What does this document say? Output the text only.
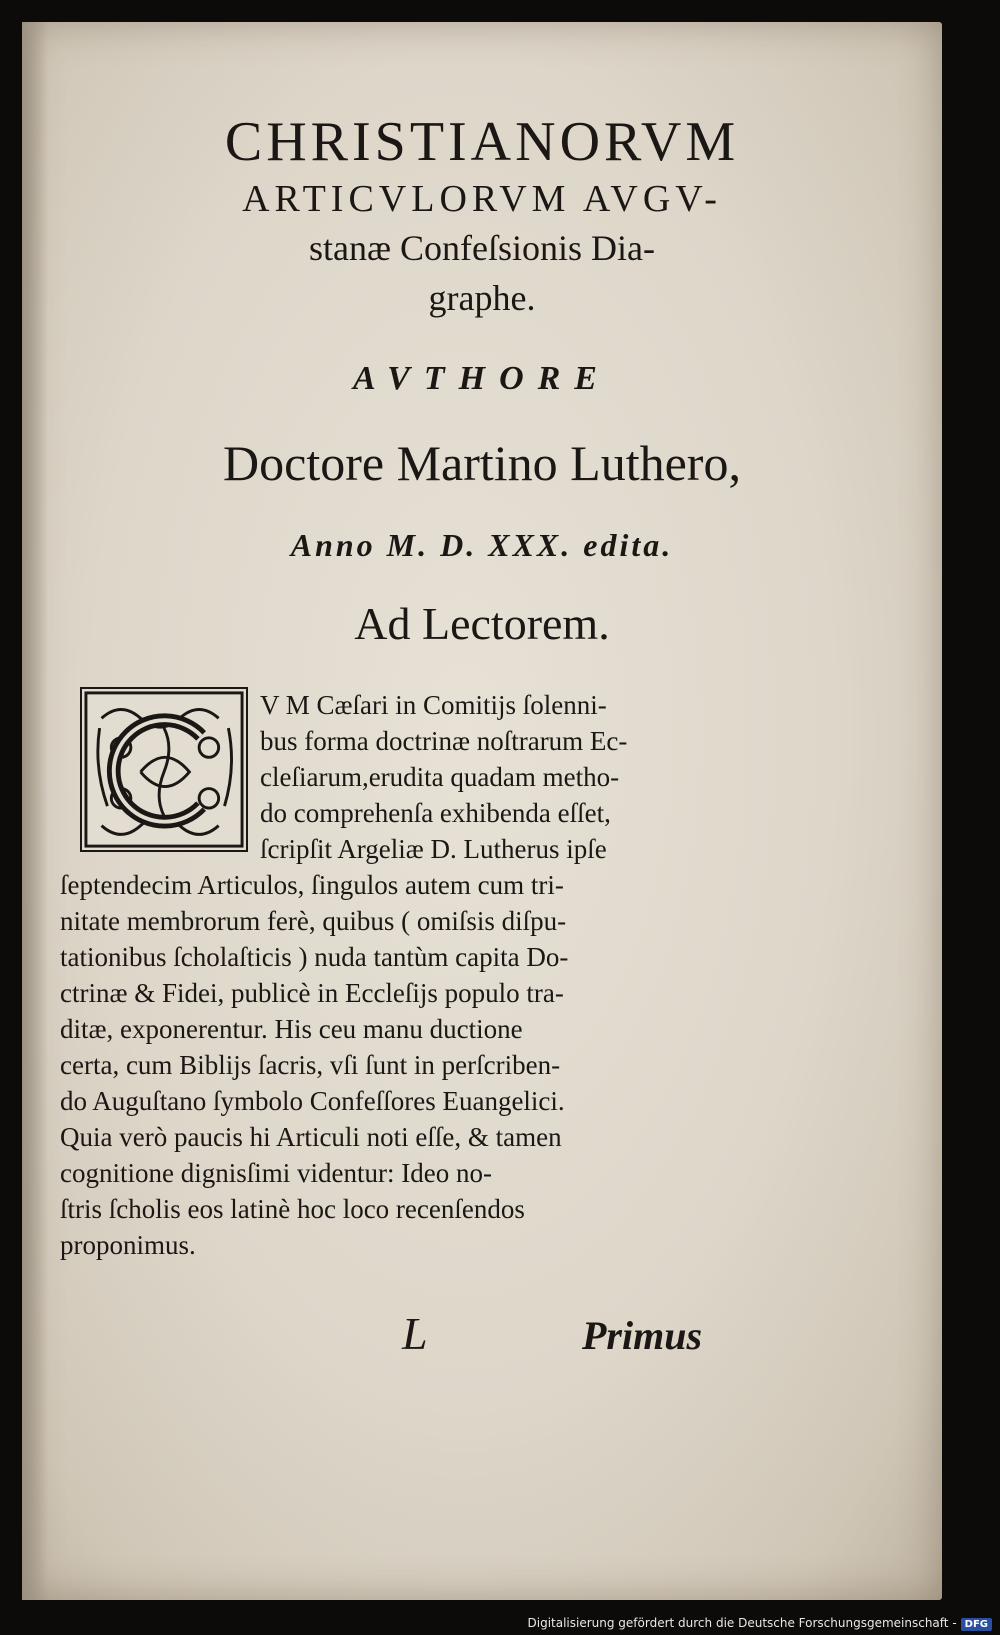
CHRISTIANORVM
ARTICVLORVM AVGV-
stanæ Confeſsionis Dia-
graphe.
AVTHORE
Doctore Martino Luthero,
Anno M. D. XXX. edita.
Ad Lectorem.
V M Cæſari in Comitijs ſolenni-
bus forma doctrinæ noſtrarum Ec-
cleſiarum,erudita quadam metho-
do comprehenſa exhibenda eſſet,
ſcripſit Argeliæ D. Lutherus ipſe
ſeptendecim Articulos, ſingulos autem cum tri-
nitate membrorum ferè, quibus ( omiſsis diſpu-
tationibus ſcholaſticis ) nuda tantùm capita Do-
ctrinæ & Fidei, publicè in Eccleſijs populo tra-
ditæ, exponerentur. His ceu manu ductione
certa, cum Biblijs ſacris, vſi ſunt in perſcriben-
do Auguſtano ſymbolo Confeſſores Euangelici.
Quia verò paucis hi Articuli noti eſſe, & tamen
cognitione dignisſimi videntur: Ideo no-
ſtris ſcholis eos latinè hoc loco recenſendos
proponimus.
L	Primus
Digitalisierung gefördert durch die Deutsche Forschungsgemeinschaft - DFG
